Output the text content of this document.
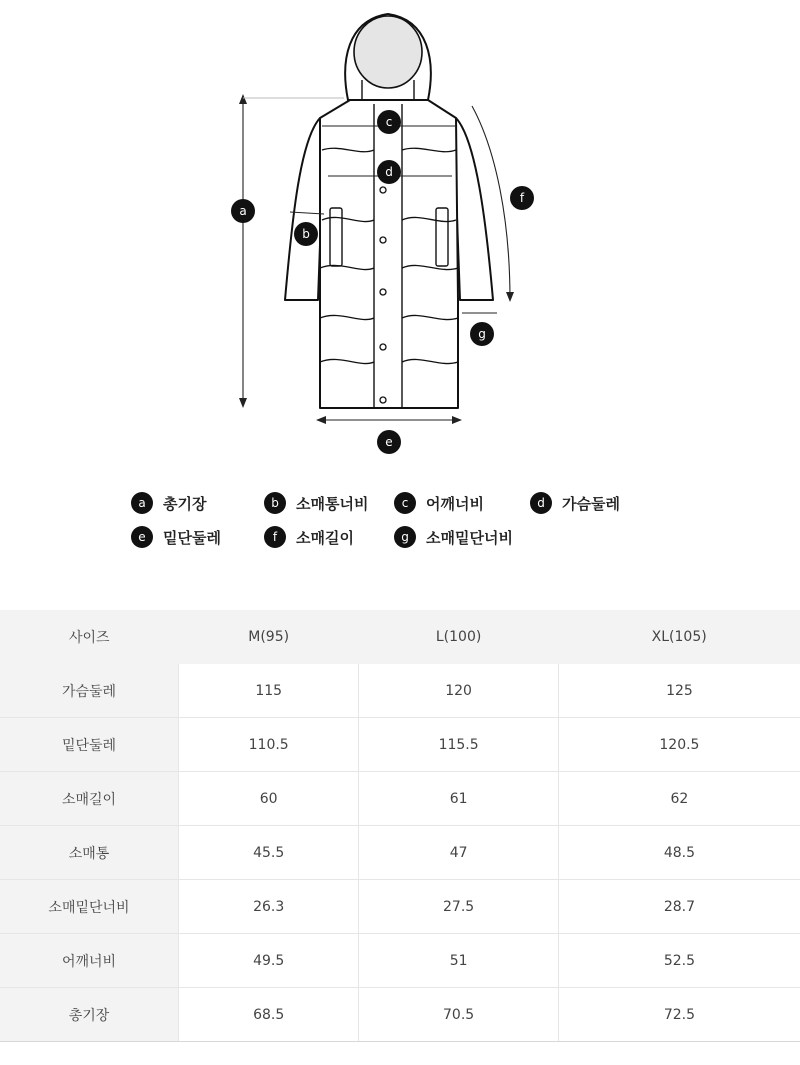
a
b
c
d
e
f
g
a	총기장	b	소매통너비	c	어깨너비	d	가슴둘레
e	밑단둘레	f	소매길이	g	소매밑단너비
사이즈	M(95)	L(100)	XL(105)
가슴둘레	115	120	125
밑단둘레	110.5	115.5	120.5
소매길이	60	61	62
소매통	45.5	47	48.5
소매밑단너비	26.3	27.5	28.7
어깨너비	49.5	51	52.5
총기장	68.5	70.5	72.5
